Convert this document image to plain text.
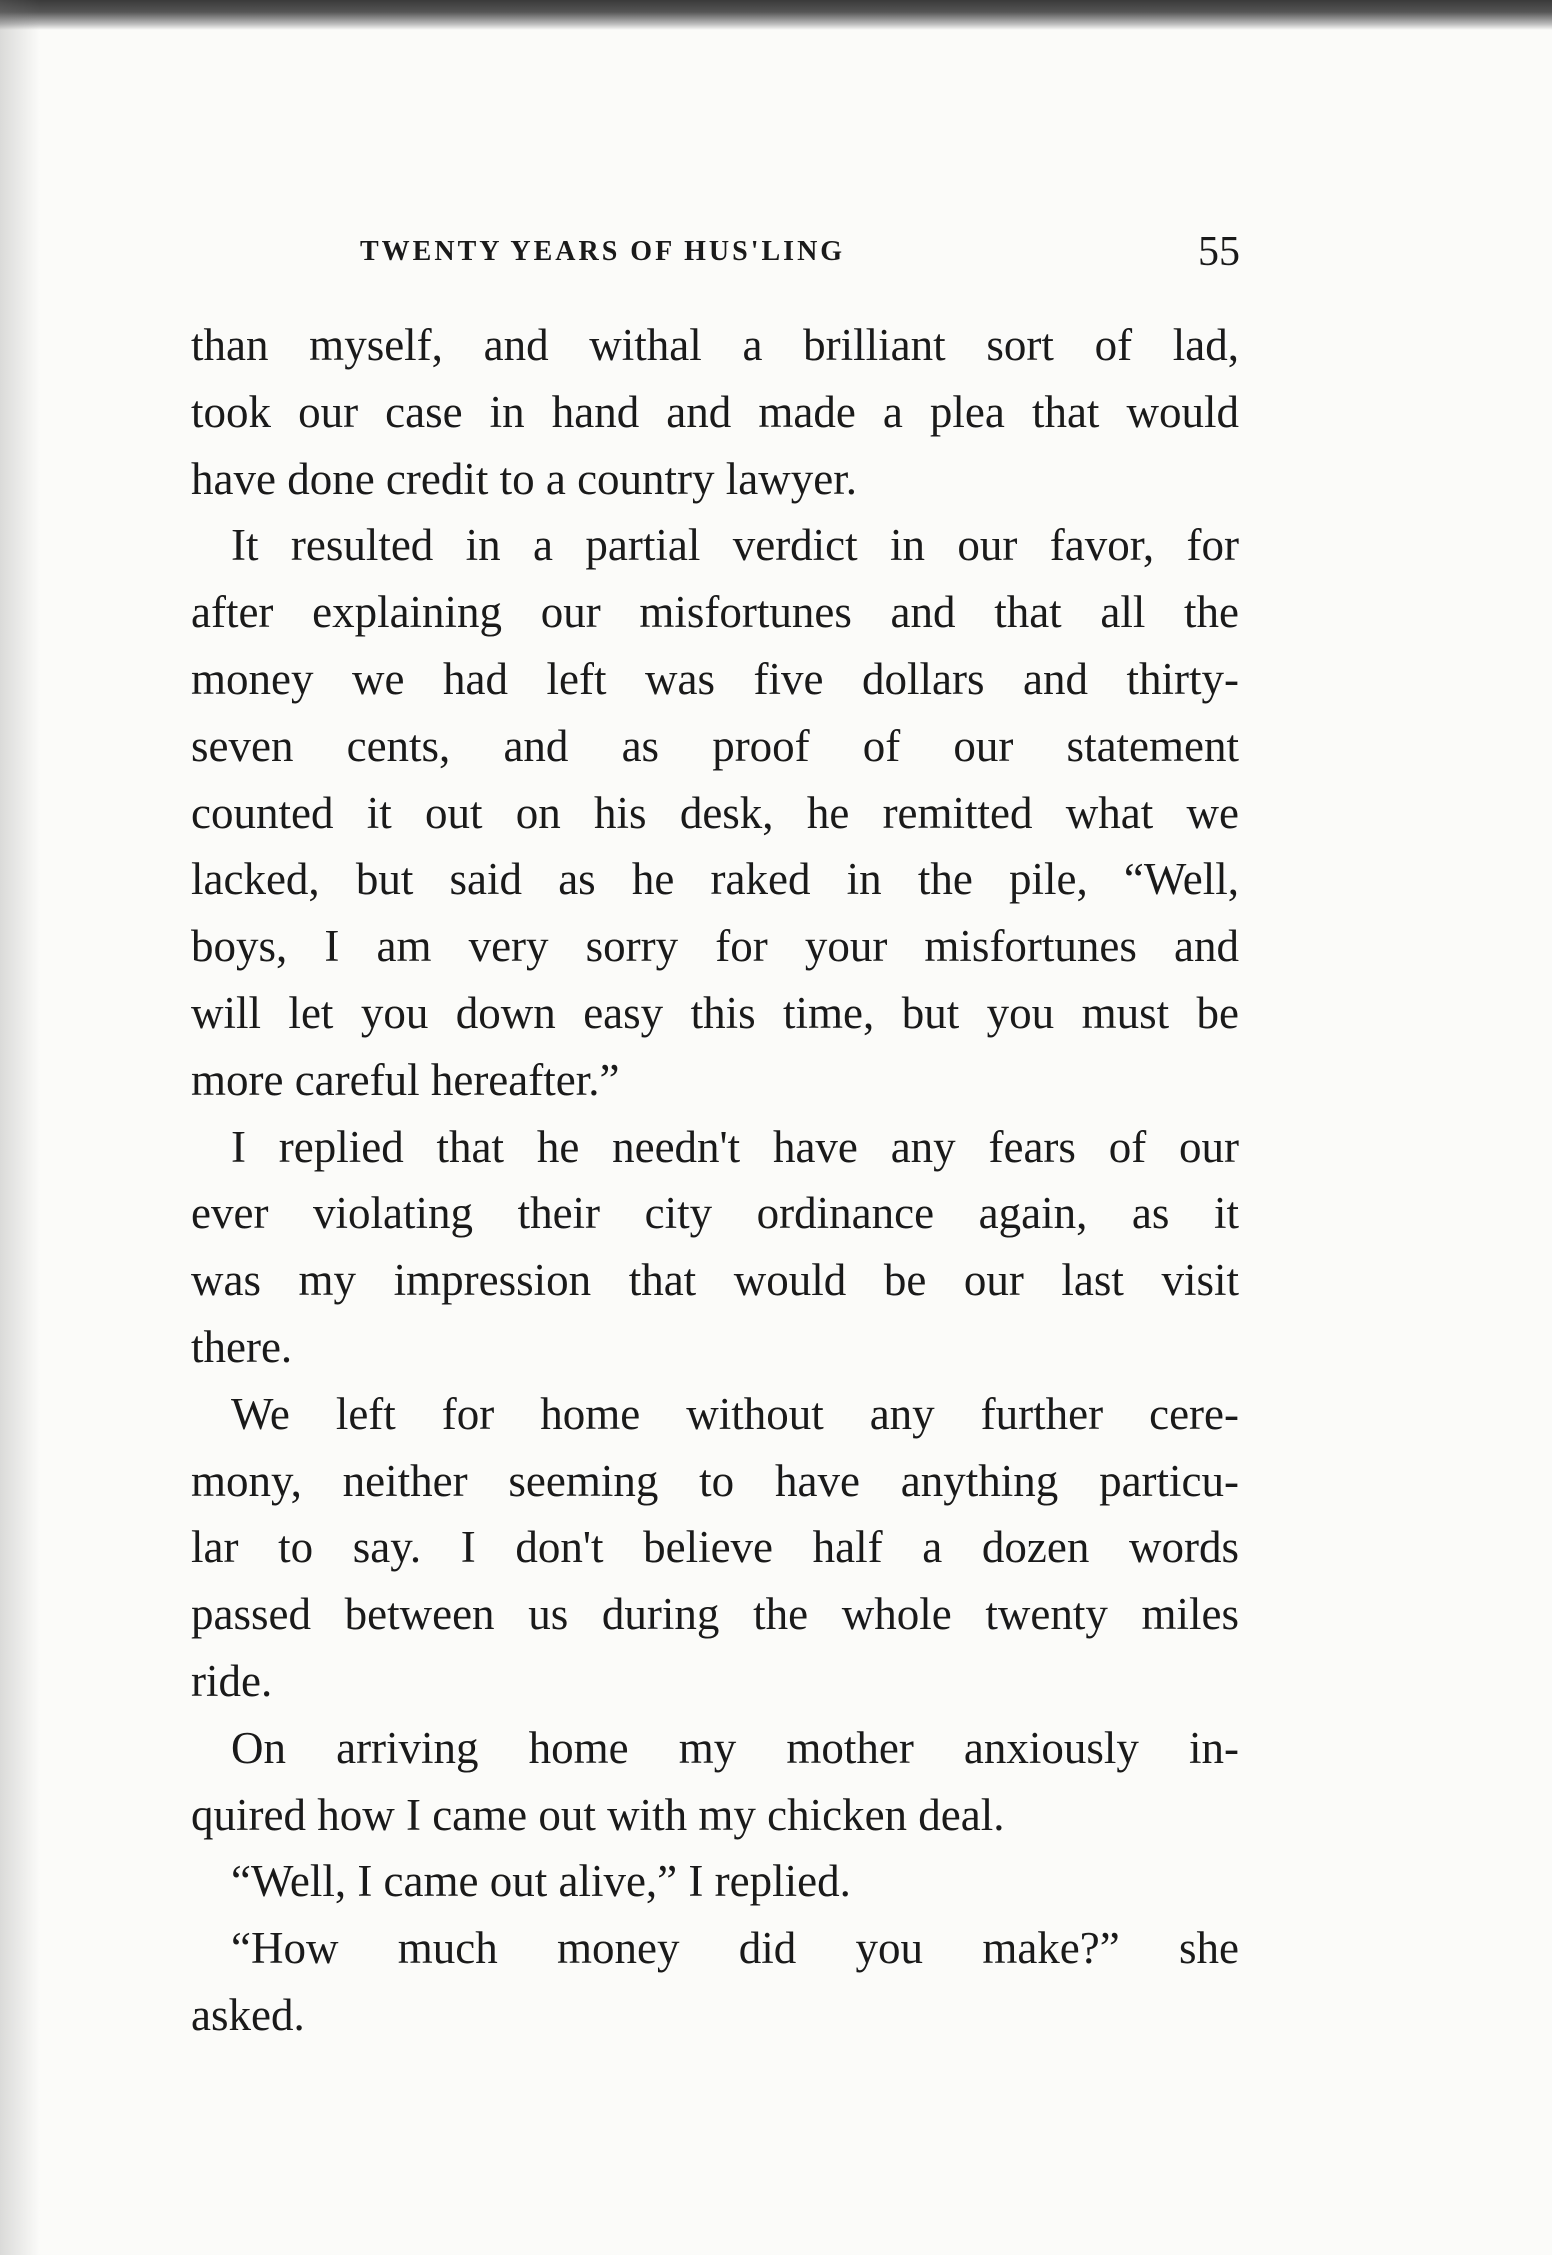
TWENTY YEARS OF HUS'LING	55
than myself, and withal a brilliant sort of lad,
took our case in hand and made a plea that would
have done credit to a country lawyer.
It resulted in a partial verdict in our favor, for
after explaining our misfortunes and that all the
money we had left was five dollars and thirty-
seven cents, and as proof of our statement
counted it out on his desk, he remitted what we
lacked, but said as he raked in the pile, “Well,
boys, I am very sorry for your misfortunes and
will let you down easy this time, but you must be
more careful hereafter.”
I replied that he needn't have any fears of our
ever violating their city ordinance again, as it
was my impression that would be our last visit
there.
We left for home without any further cere-
mony, neither seeming to have anything particu-
lar to say. I don't believe half a dozen words
passed between us during the whole twenty miles
ride.
On arriving home my mother anxiously in-
quired how I came out with my chicken deal.
“Well, I came out alive,” I replied.
“How much money did you make?” she
asked.
